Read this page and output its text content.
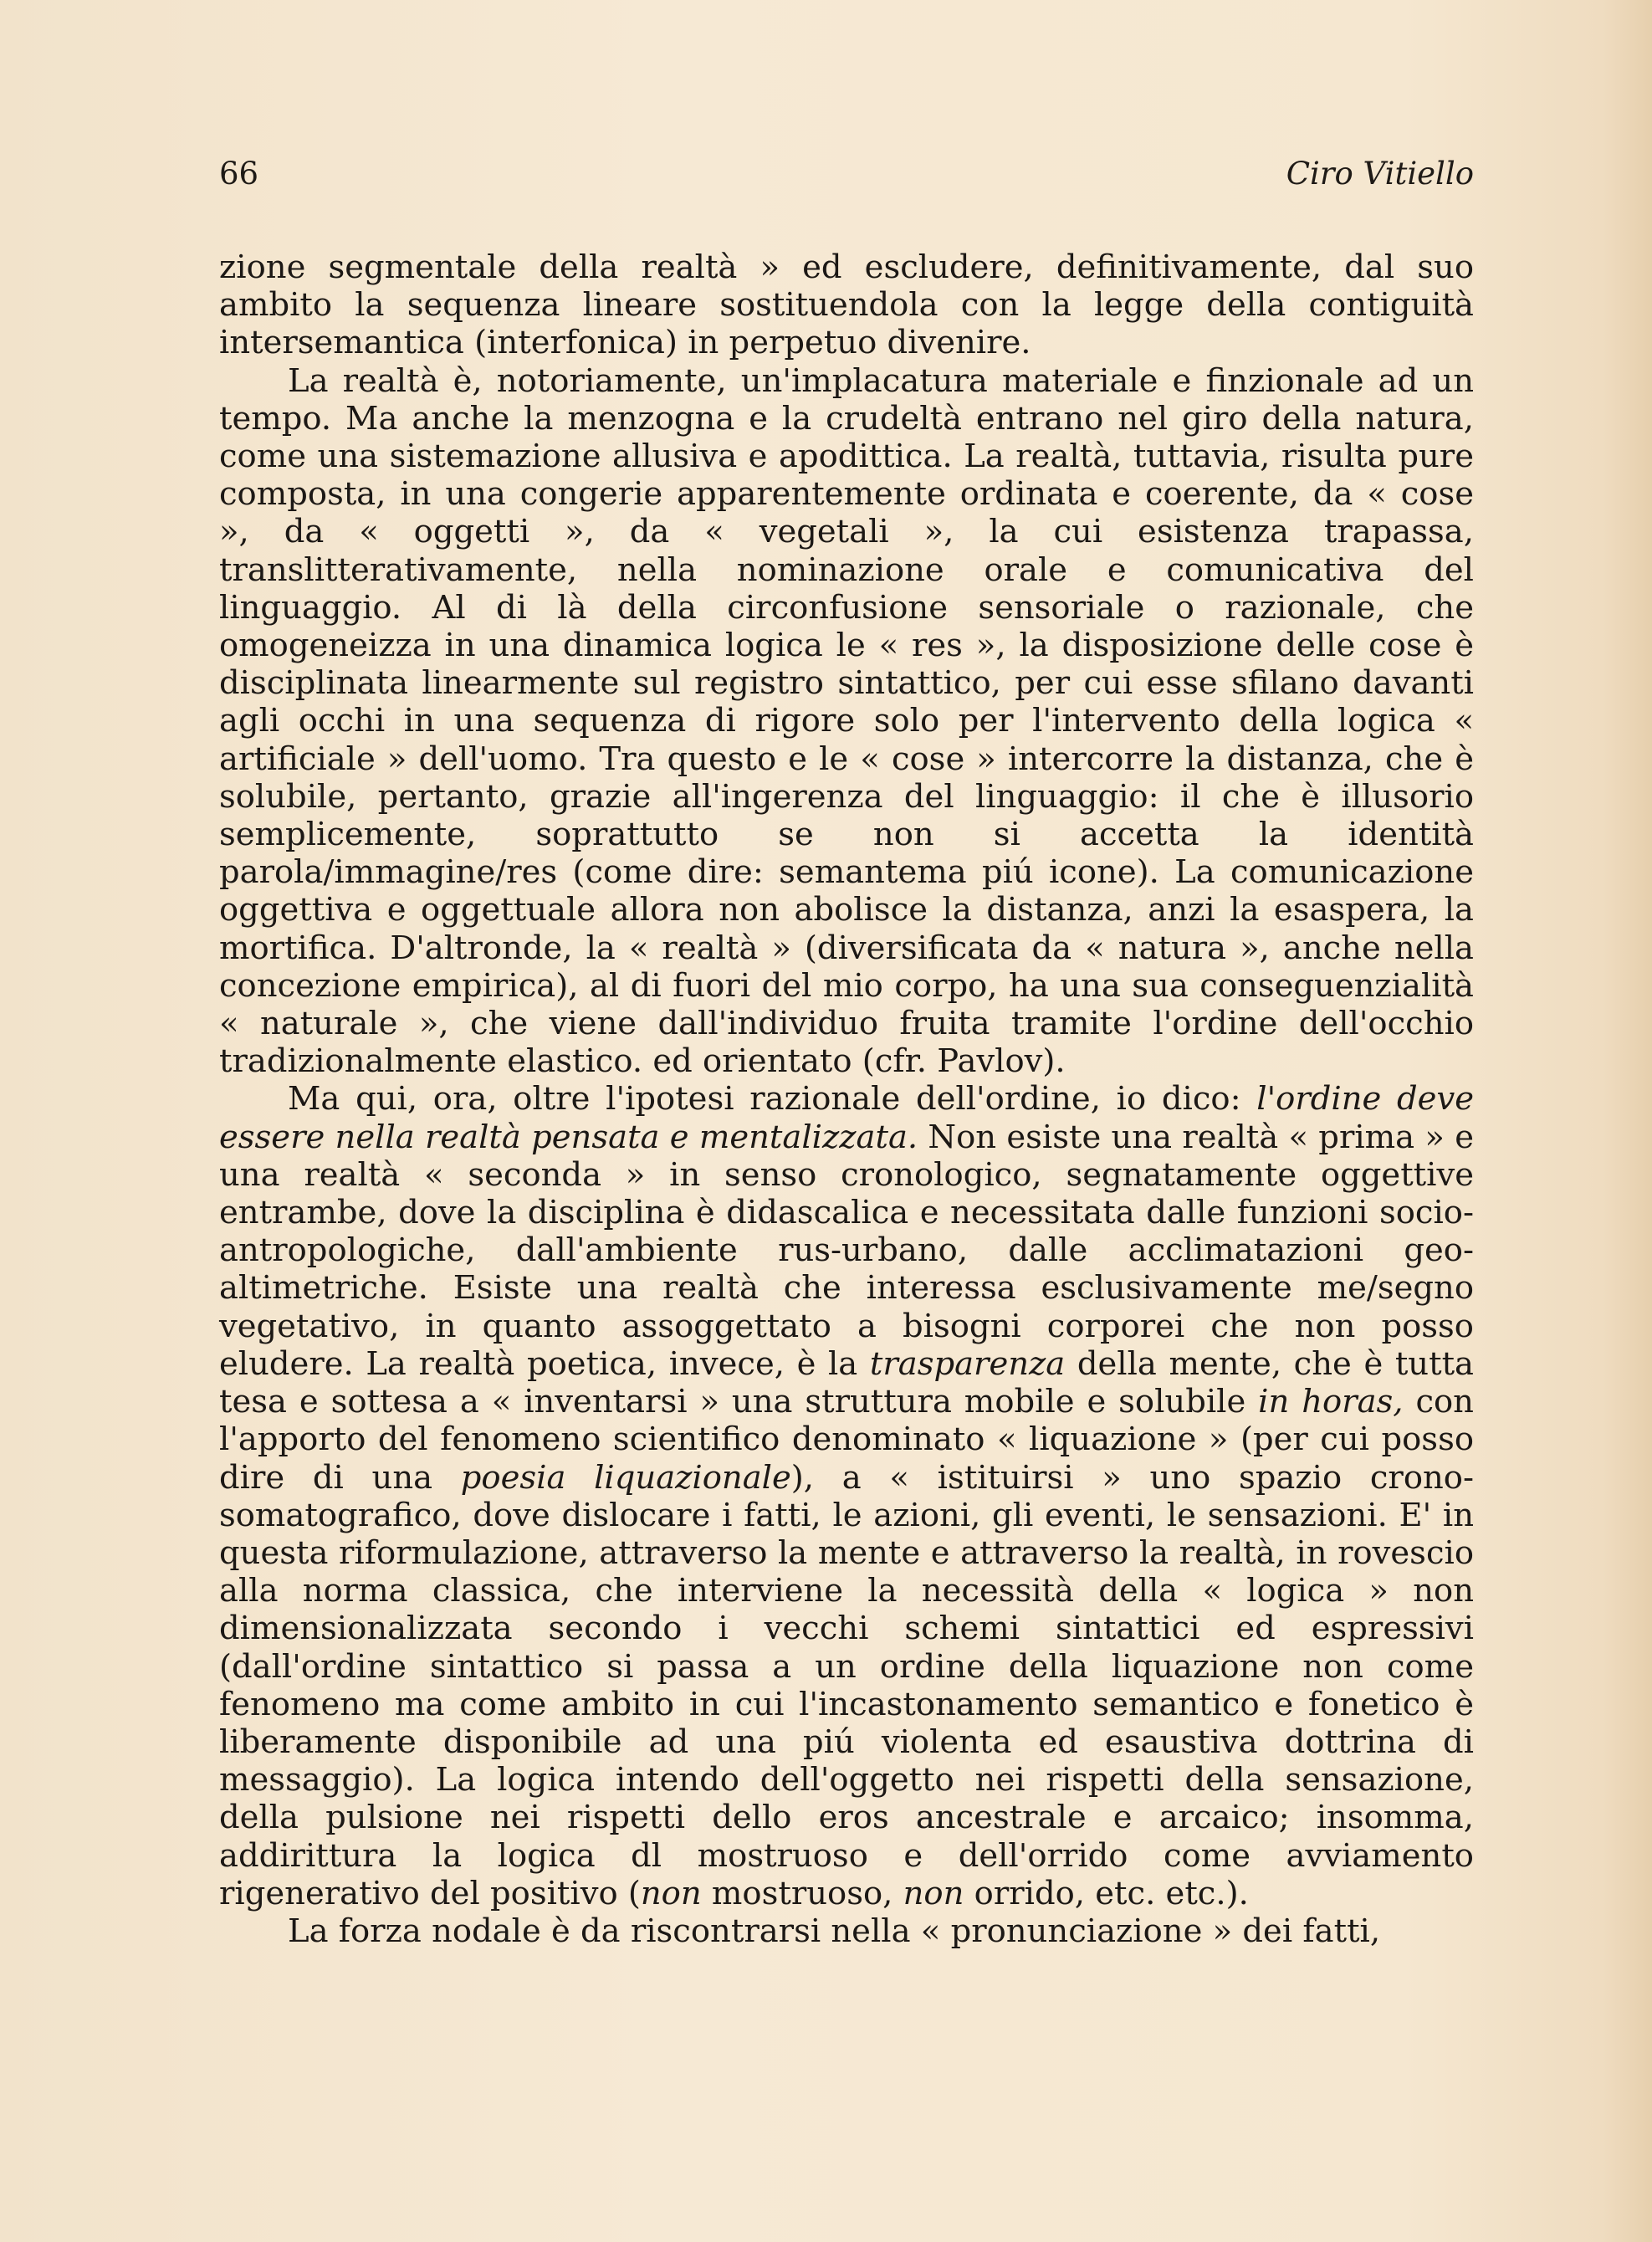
66	Ciro Vitiello

zione segmentale della realtà » ed escludere, definitivamente, dal suo ambito la sequenza lineare sostituendola con la legge della contiguità intersemantica (interfonica) in perpetuo divenire.

La realtà è, notoriamente, un'implacatura materiale e finzionale ad un tempo. Ma anche la menzogna e la crudeltà entrano nel giro della natura, come una sistemazione allusiva e apodittica. La realtà, tuttavia, risulta pure composta, in una congerie apparentemente ordinata e coerente, da « cose », da « oggetti », da « vegetali », la cui esistenza trapassa, translitterativamente, nella nominazione orale e comunicativa del linguaggio. Al di là della circonfusione sensoriale o razionale, che omogeneizza in una dinamica logica le « res », la disposizione delle cose è disciplinata linearmente sul registro sintattico, per cui esse sfilano davanti agli occhi in una sequenza di rigore solo per l'intervento della logica « artificiale » dell'uomo. Tra questo e le « cose » intercorre la distanza, che è solubile, pertanto, grazie all'ingerenza del linguaggio: il che è illusorio semplicemente, soprattutto se non si accetta la identità parola/immagine/res (come dire: semantema piú icone). La comunicazione oggettiva e oggettuale allora non abolisce la distanza, anzi la esaspera, la mortifica. D'altronde, la « realtà » (diversificata da « natura », anche nella concezione empirica), al di fuori del mio corpo, ha una sua conseguenzialità « naturale », che viene dall'individuo fruita tramite l'ordine dell'occhio tradizionalmente elastico. ed orientato (cfr. Pavlov).

Ma qui, ora, oltre l'ipotesi razionale dell'ordine, io dico: l'ordine deve essere nella realtà pensata e mentalizzata. Non esiste una realtà « prima » e una realtà « seconda » in senso cronologico, segnatamente oggettive entrambe, dove la disciplina è didascalica e necessitata dalle funzioni socio-antropologiche, dall'ambiente rus-urbano, dalle acclimatazioni geo-altimetriche. Esiste una realtà che interessa esclusivamente me/segno vegetativo, in quanto assoggettato a bisogni corporei che non posso eludere. La realtà poetica, invece, è la trasparenza della mente, che è tutta tesa e sottesa a « inventarsi » una struttura mobile e solubile in horas, con l'apporto del fenomeno scientifico denominato « liquazione » (per cui posso dire di una poesia liquazionale), a « istituirsi » uno spazio crono-somatografico, dove dislocare i fatti, le azioni, gli eventi, le sensazioni. E' in questa riformulazione, attraverso la mente e attraverso la realtà, in rovescio alla norma classica, che interviene la necessità della « logica » non dimensionalizzata secondo i vecchi schemi sintattici ed espressivi (dall'ordine sintattico si passa a un ordine della liquazione non come fenomeno ma come ambito in cui l'incastonamento semantico e fonetico è liberamente disponibile ad una piú violenta ed esaustiva dottrina di messaggio). La logica intendo dell'oggetto nei rispetti della sensazione, della pulsione nei rispetti dello eros ancestrale e arcaico; insomma, addirittura la logica dl mostruoso e dell'orrido come avviamento rigenerativo del positivo (non mostruoso, non orrido, etc. etc.).

La forza nodale è da riscontrarsi nella « pronunciazione » dei fatti,
